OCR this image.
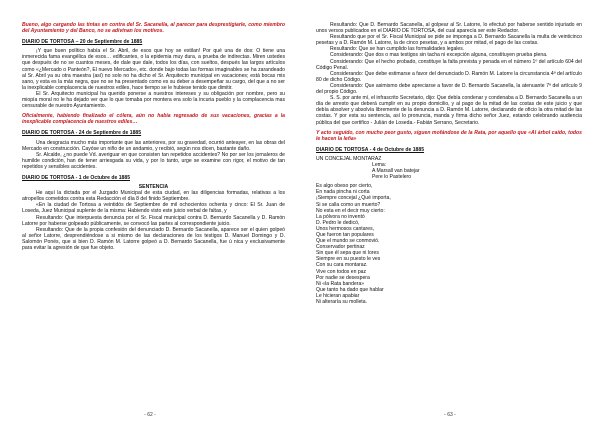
Bueno, algo cargando las tintas en contra del Sr. Sacanella, al parecer para desprestigiarle, como miembro del Ayuntamiento y del Banco, no se adivinan los motivos.

DIARIO DE TORTOSA – 20 de Septiembre de 1885

¡Y que buen político había el Sr. Abril, de esos que hoy se estilan! Por qué una de dos: O tiene una inmerecida fama evangélica de esos… edificantes, o la epidemia muy dura, a prueba de indirectas. Miren ustedes que después de no se cuantos meses, de dale que dale, todos los días, con sueltos, después las largos artículos como «¿Mercado o Panteón?, El nuevo Mercado», etc. donde bajo todas las formas imaginables se ha zarandeado al Sr. Abril ya su otra maestra (así) no solo no ha dicho el Sr. Arquitecto municipal en vacaciones; está bocas mis sano, y esta es la más negra, que no se ha presentado como es su deber a desempeñar su cargo, del que a no ser la inexplicable complacencia de nuestros ediles, hace tiempo se le hubiese tenido que dimitir.

El Sr. Arquitecto municipal ha querido ponerse a nuestros intereses y su obligación por nombre, pero su miopía moral no le ha dejado ver que lo que tomaba por montera era solo la incuria pueblo y la complacencia mas censurable de nuestro Ayuntamiento.

Oficialmente, habiendo finalizado el cólera, aún no había regresado de sus vacaciones, gracias a la inexplicable complacencia de nuestros ediles…

DIARIO DE TORTOSA - 24 de Septiembre de 1885

Una desgracia mucho más importante que las anteriores, por su gravedad, ocurrió anteayer, en las obras del Mercado en construcción. Cayóse un niño de un andamio, y recibió, según nos dicen, bastante daño.

Sr. Alcalde, ¿no puede Vd. averiguar en que consisten tan repetidos accidentes? No por ser los jornaleros de humilde condición, han de tener arriesgada su vida, y por lo tanto, urge se examine con rigor, el motivo de tan repetidos y sensibles accidentes.

DIARIO DE TORTOSA - 1 de Octubre de 1885

SENTENCIA

He aquí la dictada por el Juzgado Municipal de esta ciudad, en las diligencias formadas, relativas a los atropellos cometidos contra esta Redacción el día 8 del finido Septiembre.

«En la ciudad de Tortosa a veintidós de Septiembre de mil ochocientos ochenta y cinco: El Sr. Juan de Loseda, Juez Municipal suplente de la misma: Habiendo visto este juicio verbal de faltas, y

Resultando: Que interpuesta denuncia por el Sr. Fiscal municipal contra D. Bernardo Sacanella y D. Ramón Latorre por haberse golpeado públicamente, se convocó las partes al correspondiente juicio.

Resultando: Que de la propia confesión del denunciado D. Bernardo Sacanella, aparece ser el quien golpeó al señor Latorre, desprendiéndose a si mismo de las declaraciones de los testigos D. Manuel Domingo y D. Salomón Ponés, que si bien D. Ramón M. Latorre golpeó a D. Bernardo Sacanella, fue ú nica y exclusivamente para evitar la agresión de que fue objeto.

- 62 -

Resultando: Que D. Bernardo Sacanella, al golpear al Sr. Latorre, lo efectuó por haberse sentido injuriado en unos versos publicados en el DIARIO DE TORTOSA, del cual aparecía ser este Redactor.

Resultando que por el Sr. Fiscal Municipal se pide se imponga a D. Bernardo Sacanella la multa de veinticinco pesetas y a D. Ramón M. Latorre, la de cinco pesetas, y a ambos por mitad, el pago de las costas.

Resultando: Que se han cumplido las formalidades legales.

Considerando: Que dos o mas testigos sin tacha ni excepción alguna, constituyen prueba plena.

Considerando: Que el hecho probado, constituye la falta prevista y penada en el número 1º del artículo 604 del Código Penal.

Considerando: Que debe estimarse a favor del denunciado D. Ramón M. Latorre la circunstancia 4ª del artículo 80 de dicho Código.

Considerando: Que asimismo debe apreciarse a favor de D. Bernardo Sacanella, la atenuante 7ª del artículo 9 del propio Código.

S. S. por ante mí, el infrascrito Secretario, dijo: Que debía condenar y condenaba a D. Bernardo Sacanella a un día de arresto que deberá cumplir en su propio domicilio, y al pago de la mitad de las costas de este juicio y que debía absolver y absolvía libremente de la denuncia a D. Ramón M. Latorre, declarando de oficio la otra mitad de las costas. Y por esta su sentencia, así lo pronuncia, manda y firma dicho señor Juez, estando celebrando audiencia pública del que certifico - Julián de Loseda.- Fabián Serrano, Secretario.

Y acto seguido, con mucho peor gusto, siguen mofándose de la Rata, por aquello que «Al árbol caído, todos le hacen la leña»

DIARIO DE TORTOSA - 4 de Octubre de 1885

UN CONCEJAL MONTARAZ

Lema:

A Marsall van batejar

Pere lo Pastelero

Es algo obeso por cierto,

En nada pincha ni corta

¡Siempre concejal ¿Qué importa,

Si se calla como un muerto?

No esta en el decir muy cierto:

La pólvora no inventó

D. Pedro le dedicó,

Unos hermosos cantares,

Que fueron tan populares

Que el mundo se conmovió.

Conservador pertinaz

Sin que él sepa que ni lores

Siempre en su puesto le ves

Con su cara montaraz.

Vive con todos en paz

Por nadie se desespera

Ni «la Rata bandera»

Que tanto ha dado que hablar

Le hicieran apabiar

Ni alteraría su molleta.

- 63 -
